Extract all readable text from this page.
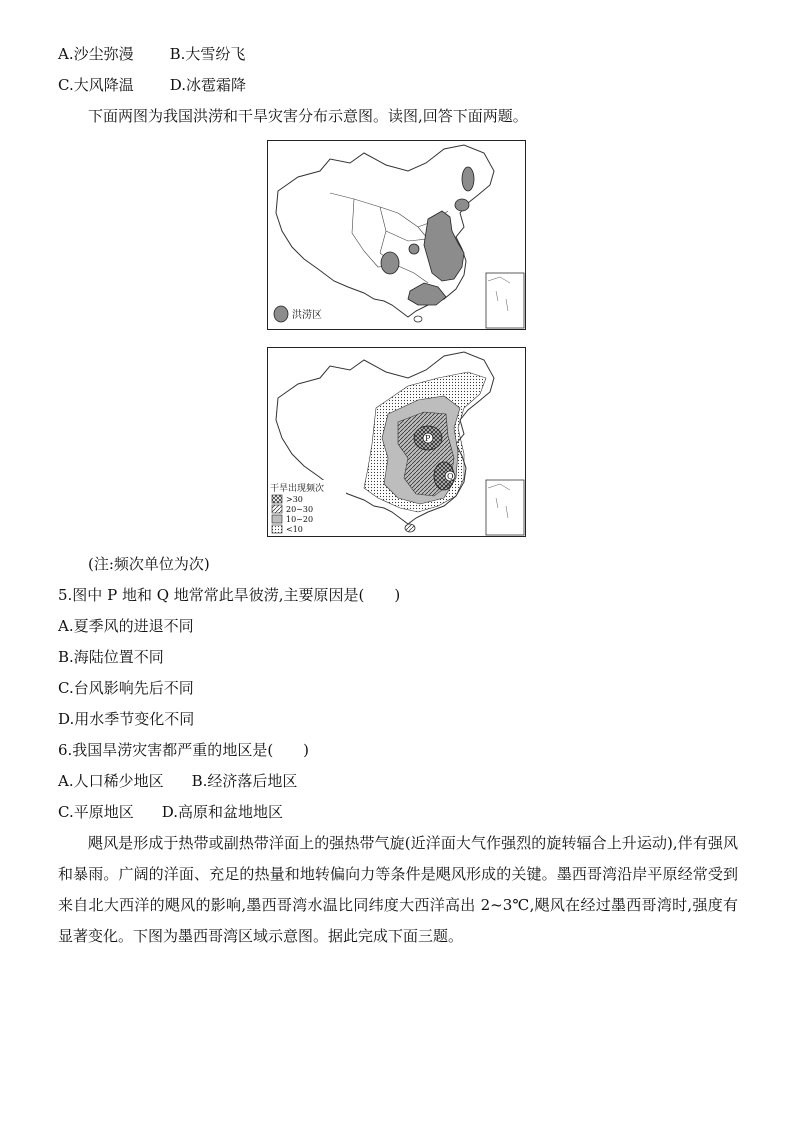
A.沙尘弥漫 B.大雪纷飞
C.大风降温 D.冰雹霜降
下面两图为我国洪涝和干旱灾害分布示意图。读图,回答下面两题。
洪涝区
P
Q
干旱出现频次
>30
20~30
10~20
<10
(注:频次单位为次)
5.图中 P 地和 Q 地常常此旱彼涝,主要原因是(　　)
A.夏季风的进退不同
B.海陆位置不同
C.台风影响先后不同
D.用水季节变化不同
6.我国旱涝灾害都严重的地区是(　　)
A.人口稀少地区 B.经济落后地区
C.平原地区 D.高原和盆地地区
飓风是形成于热带或副热带洋面上的强热带气旋(近洋面大气作强烈的旋转辐合上升运动),伴有强风和暴雨。广阔的洋面、充足的热量和地转偏向力等条件是飓风形成的关键。墨西哥湾沿岸平原经常受到来自北大西洋的飓风的影响,墨西哥湾水温比同纬度大西洋高出 2~3℃,飓风在经过墨西哥湾时,强度有显著变化。下图为墨西哥湾区域示意图。据此完成下面三题。
